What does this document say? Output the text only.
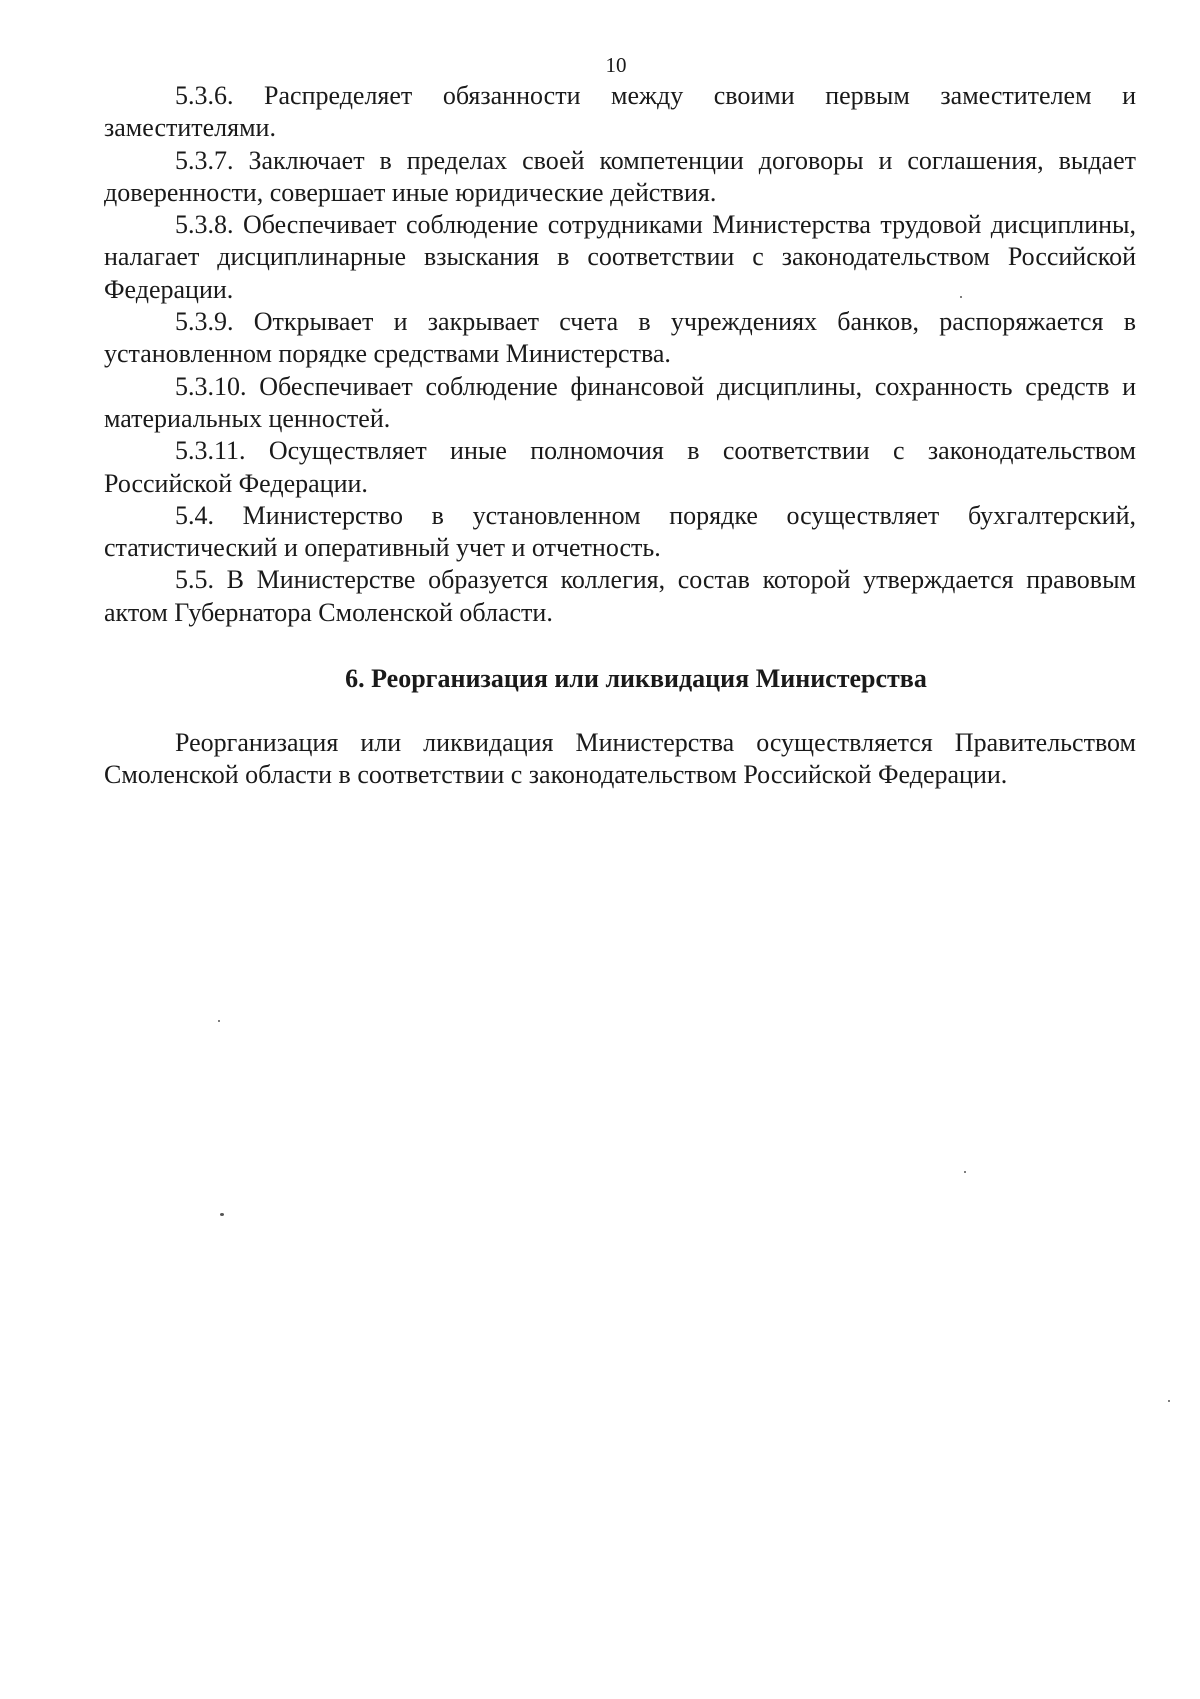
10

5.3.6. Распределяет обязанности между своими первым заместителем и заместителями.

5.3.7. Заключает в пределах своей компетенции договоры и соглашения, выдает доверенности, совершает иные юридические действия.

5.3.8. Обеспечивает соблюдение сотрудниками Министерства трудовой дисциплины, налагает дисциплинарные взыскания в соответствии с законодательством Российской Федерации.

5.3.9. Открывает и закрывает счета в учреждениях банков, распоряжается в установленном порядке средствами Министерства.

5.3.10. Обеспечивает соблюдение финансовой дисциплины, сохранность средств и материальных ценностей.

5.3.11. Осуществляет иные полномочия в соответствии с законодательством Российской Федерации.

5.4. Министерство в установленном порядке осуществляет бухгалтерский, статистический и оперативный учет и отчетность.

5.5. В Министерстве образуется коллегия, состав которой утверждается правовым актом Губернатора Смоленской области.

6. Реорганизация или ликвидация Министерства

Реорганизация или ликвидация Министерства осуществляется Правительством Смоленской области в соответствии с законодательством Российской Федерации.
